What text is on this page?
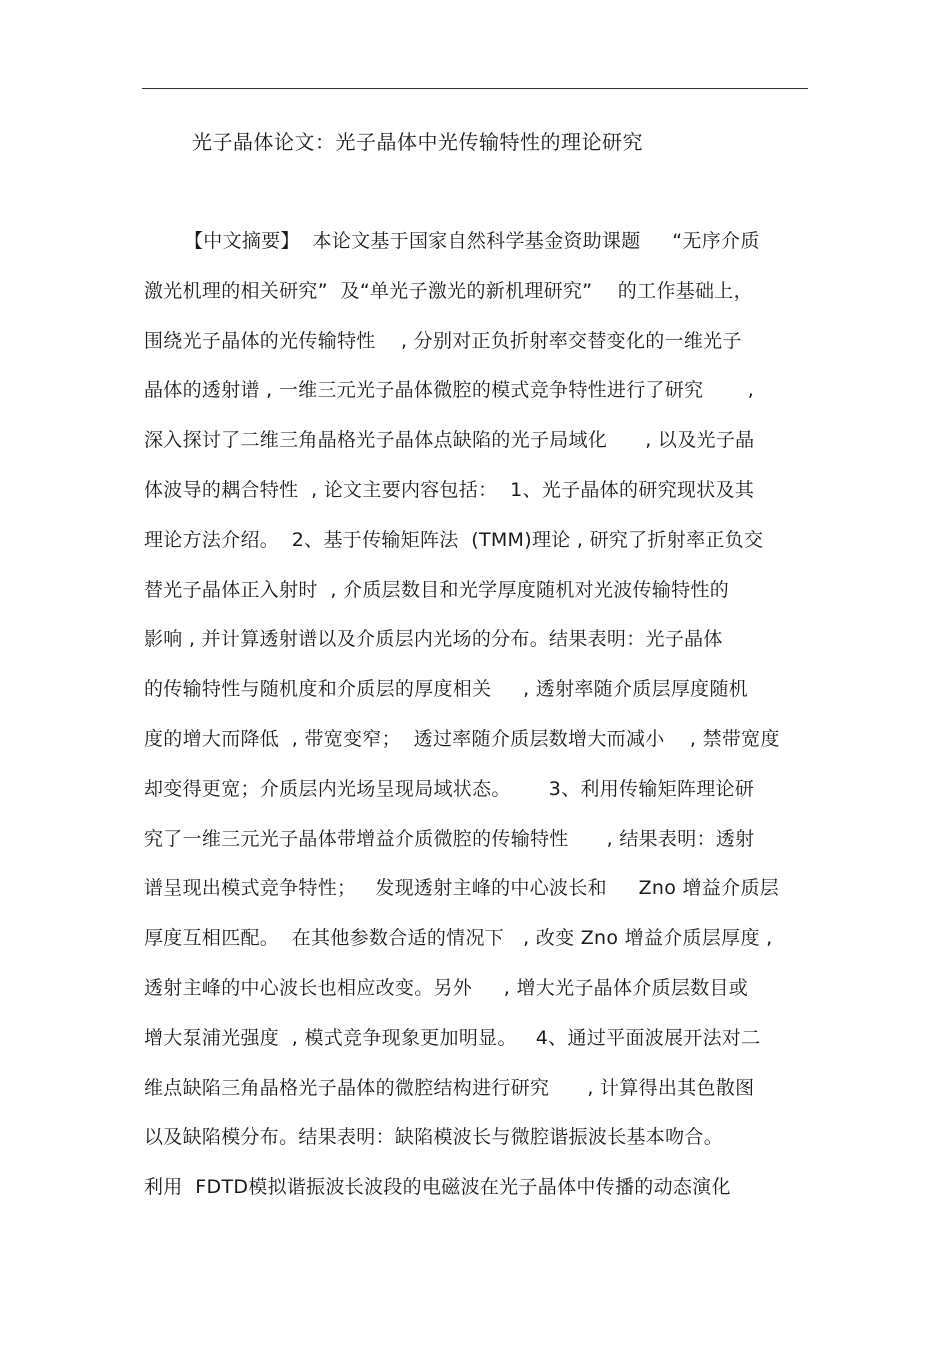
光子晶体论文：光子晶体中光传输特性的理论研究
【中文摘要】  本论文基于国家自然科学基金资助课题     “无序介质
激光机理的相关研究”  及“单光子激光的新机理研究”    的工作基础上，
围绕光子晶体的光传输特性    , 分别对正负折射率交替变化的一维光子
晶体的透射谱 , 一维三元光子晶体微腔的模式竞争特性进行了研究       ,
深入探讨了二维三角晶格光子晶体点缺陷的光子局域化      , 以及光子晶
体波导的耦合特性  , 论文主要内容包括：  1、光子晶体的研究现状及其
理论方法介绍。  2、基于传输矩阵法  (TMM)理论 , 研究了折射率正负交
替光子晶体正入射时  , 介质层数目和光学厚度随机对光波传输特性的
影响 , 并计算透射谱以及介质层内光场的分布。结果表明：光子晶体
的传输特性与随机度和介质层的厚度相关     , 透射率随介质层厚度随机
度的增大而降低  , 带宽变窄；  透过率随介质层数增大而减小    , 禁带宽度
却变得更宽；介质层内光场呈现局域状态。      3、利用传输矩阵理论研
究了一维三元光子晶体带增益介质微腔的传输特性      , 结果表明：透射
谱呈现出模式竞争特性；   发现透射主峰的中心波长和     Zno 增益介质层
厚度互相匹配。  在其他参数合适的情况下   , 改变 Zno 增益介质层厚度 ,
透射主峰的中心波长也相应改变。另外     , 增大光子晶体介质层数目或
增大泵浦光强度  , 模式竞争现象更加明显。   4、通过平面波展开法对二
维点缺陷三角晶格光子晶体的微腔结构进行研究      , 计算得出其色散图
以及缺陷模分布。结果表明：缺陷模波长与微腔谐振波长基本吻合。
利用  FDTD模拟谐振波长波段的电磁波在光子晶体中传播的动态演化
